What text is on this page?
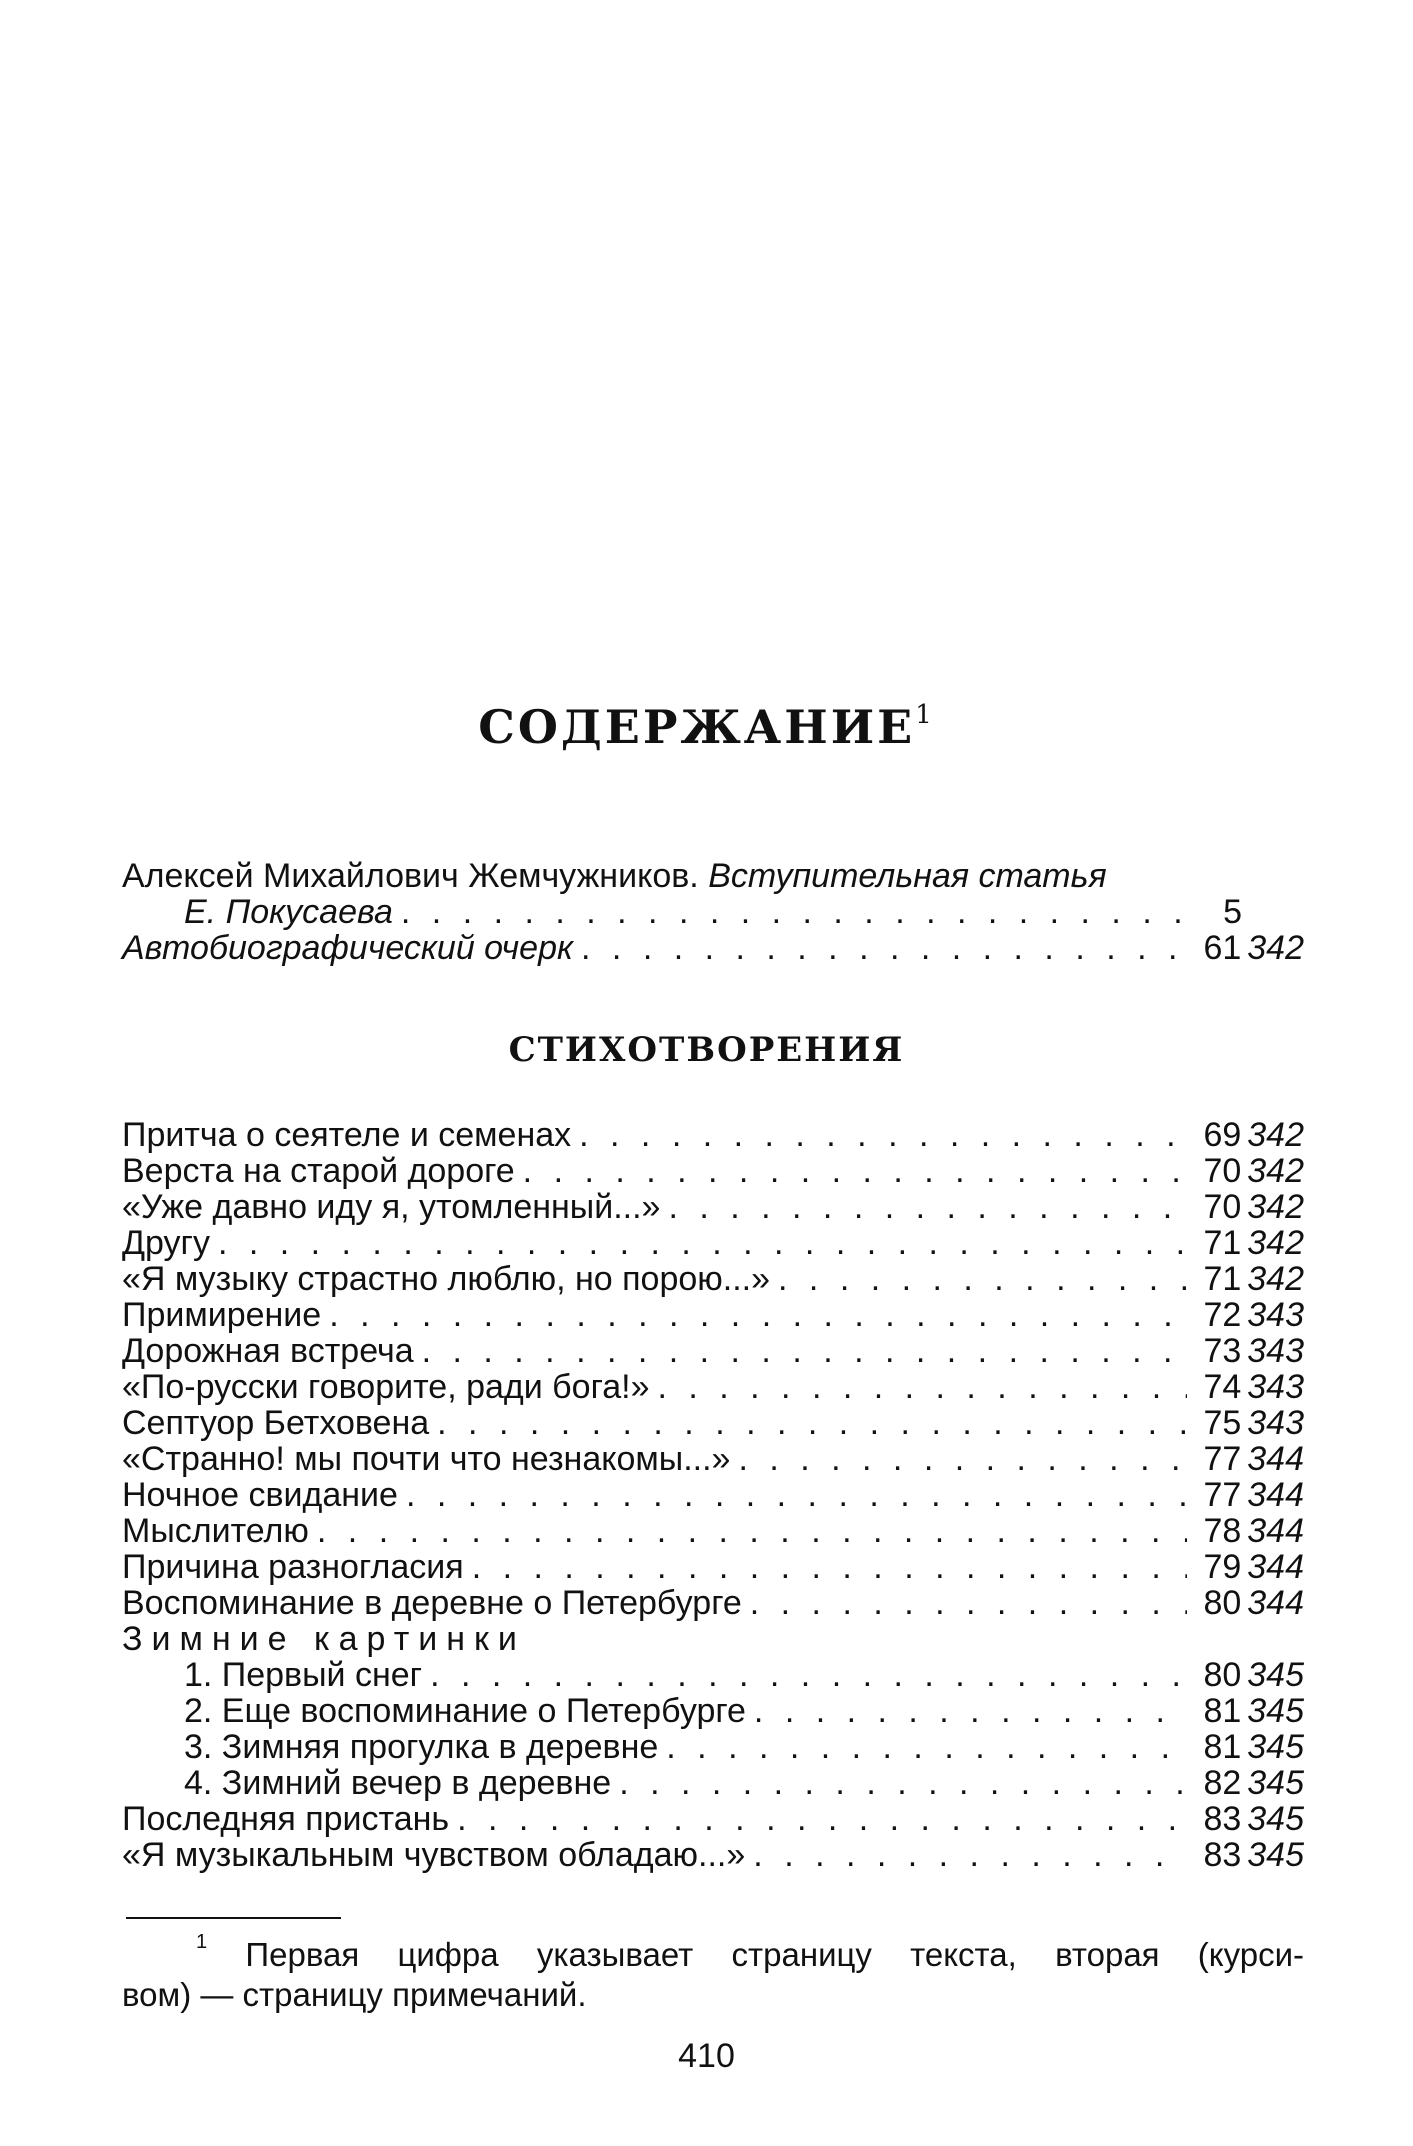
СОДЕРЖАНИЕ$^1$
Алексей Михайлович Жемчужников. Вступительная статья
Е. Покусаева . . .	5
Автобиографический очерк . . .	61 342
СТИХОТВОРЕНИЯ
Притча о сеятеле и семенах . . .	69 342
Верста на старой дороге . . .	70 342
«Уже давно иду я, утомленный...» . . .	70 342
Другу . . .	71 342
«Я музыку страстно люблю, но порою...» . . .	71 342
Примирение . . .	72 343
Дорожная встреча . . .	73 343
«По-русски говорите, ради бога!» . . .	74 343
Септуор Бетховена . . .	75 343
«Странно! мы почти что незнакомы...» . . .	77 344
Ночное свидание . . .	77 344
Мыслителю . . .	78 344
Причина разногласия . . .	79 344
Воспоминание в деревне о Петербурге . . .	80 344
Зимние картинки
1. Первый снег . . .	80 345
2. Еще воспоминание о Петербурге . . .	81 345
3. Зимняя прогулка в деревне . . .	81 345
4. Зимний вечер в деревне . . .	82 345
Последняя пристань . . .	83 345
«Я музыкальным чувством обладаю...» . . .	83 345
$^1$ Первая цифра указывает страницу текста, вторая (курси-
вом) — страницу примечаний.
410
